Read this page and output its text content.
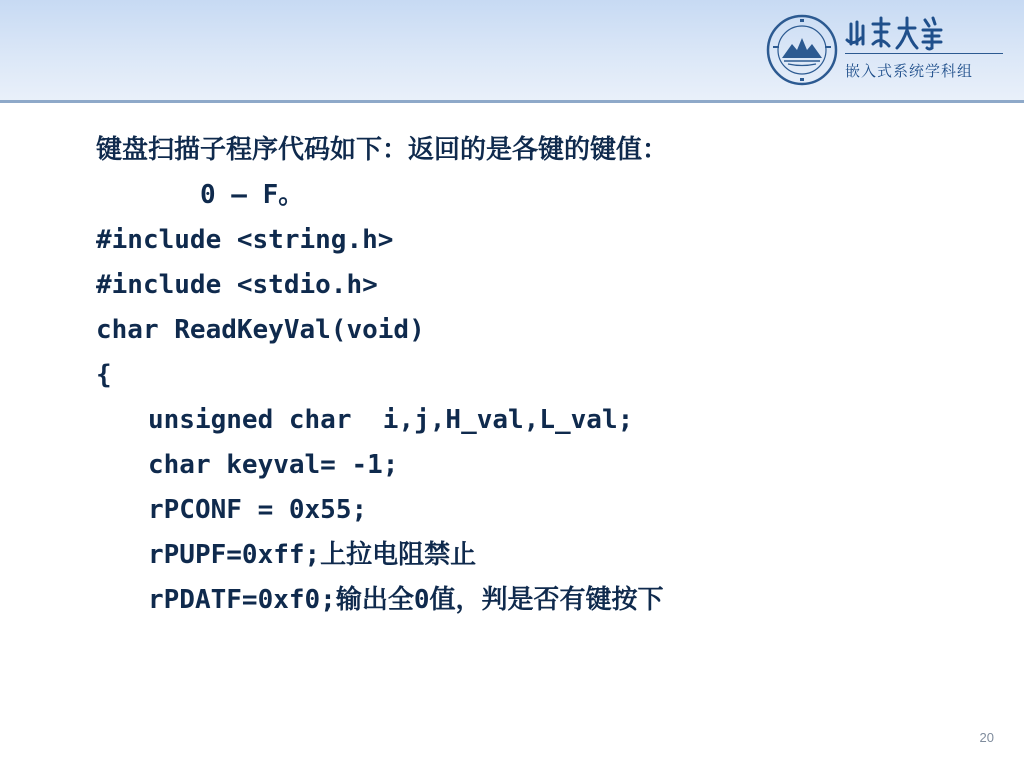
嵌入式系统学科组
键盘扫描子程序代码如下：返回的是各键的键值：
0 – F。
#include <string.h>
#include <stdio.h>
char ReadKeyVal(void)
{
unsigned char  i,j,H_val,L_val;
char keyval= -1;
rPCONF = 0x55;
rPUPF=0xff;上拉电阻禁止
rPDATF=0xf0;输出全0值，判是否有键按下
20
